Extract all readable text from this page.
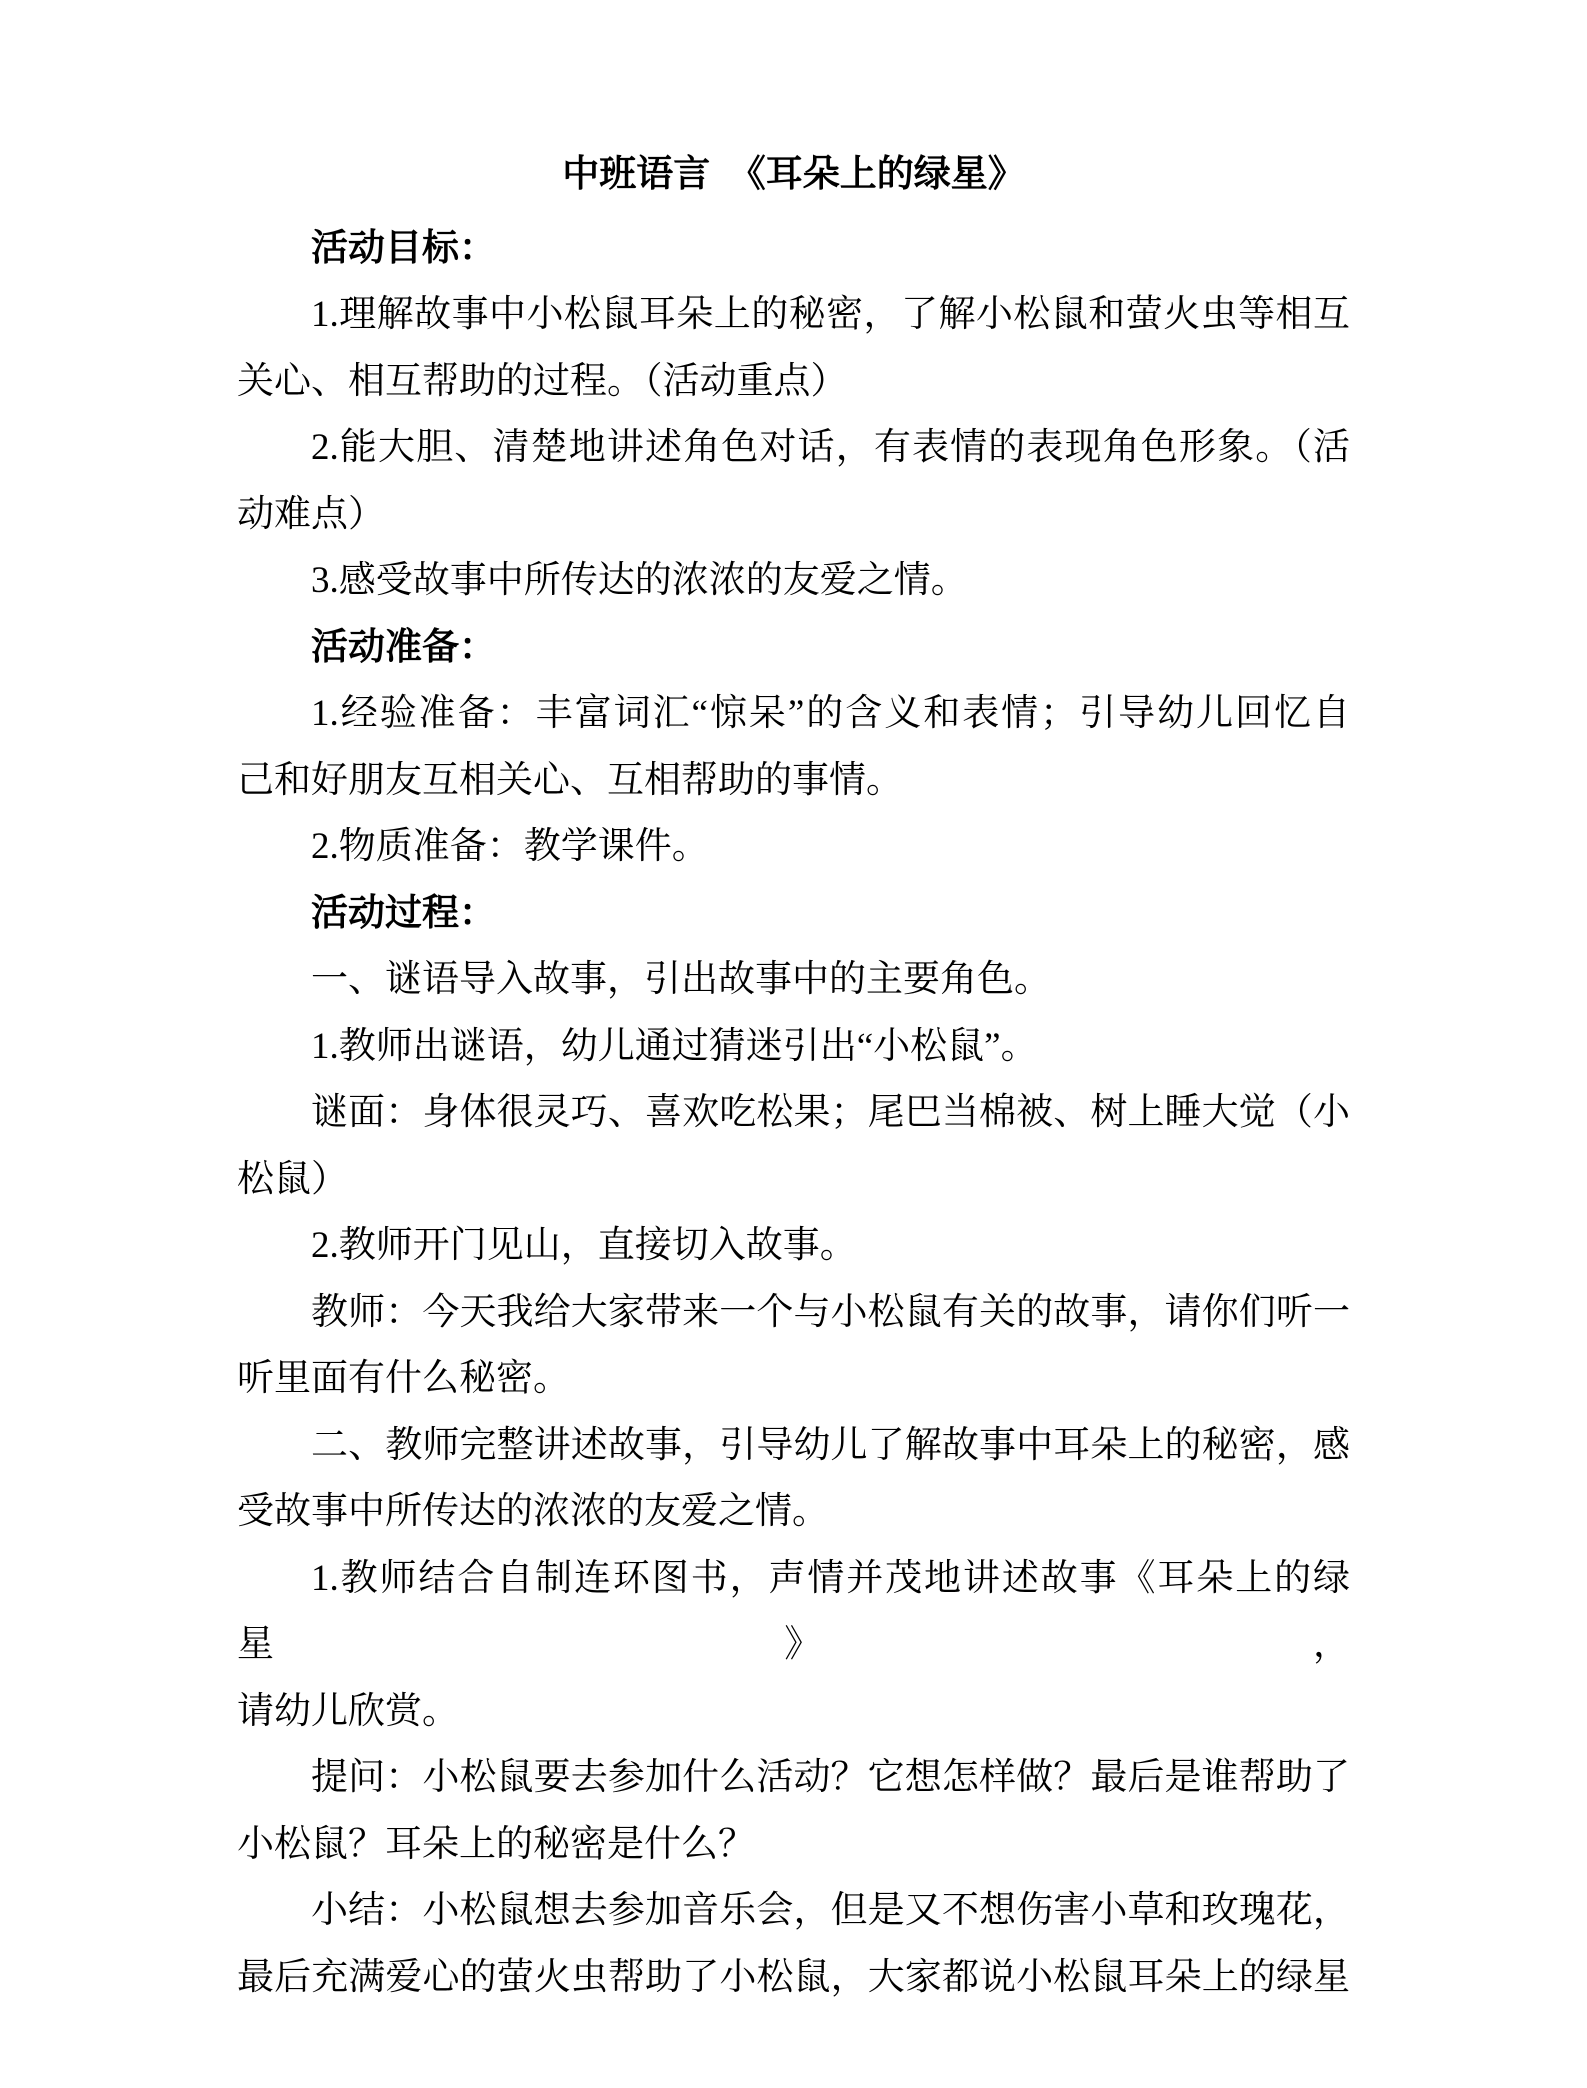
中班语言　《耳朵上的绿星》

活动目标：

1.理解故事中小松鼠耳朵上的秘密，了解小松鼠和萤火虫等相互

关心、相互帮助的过程。（活动重点）

2.能大胆、清楚地讲述角色对话，有表情的表现角色形象。（活

动难点）

3.感受故事中所传达的浓浓的友爱之情。

活动准备：

1.经验准备：丰富词汇“惊呆”的含义和表情；引导幼儿回忆自

己和好朋友互相关心、互相帮助的事情。

2.物质准备：教学课件。

活动过程：

一、谜语导入故事，引出故事中的主要角色。

1.教师出谜语，幼儿通过猜迷引出“小松鼠”。

谜面：身体很灵巧、喜欢吃松果；尾巴当棉被、树上睡大觉（小

松鼠）

2.教师开门见山，直接切入故事。

教师：今天我给大家带来一个与小松鼠有关的故事，请你们听一

听里面有什么秘密。

二、教师完整讲述故事，引导幼儿了解故事中耳朵上的秘密，感

受故事中所传达的浓浓的友爱之情。

1.教师结合自制连环图书，声情并茂地讲述故事《耳朵上的绿星》，

请幼儿欣赏。

提问：小松鼠要去参加什么活动？它想怎样做？最后是谁帮助了

小松鼠？耳朵上的秘密是什么？

小结：小松鼠想去参加音乐会，但是又不想伤害小草和玫瑰花，

最后充满爱心的萤火虫帮助了小松鼠，大家都说小松鼠耳朵上的绿星
